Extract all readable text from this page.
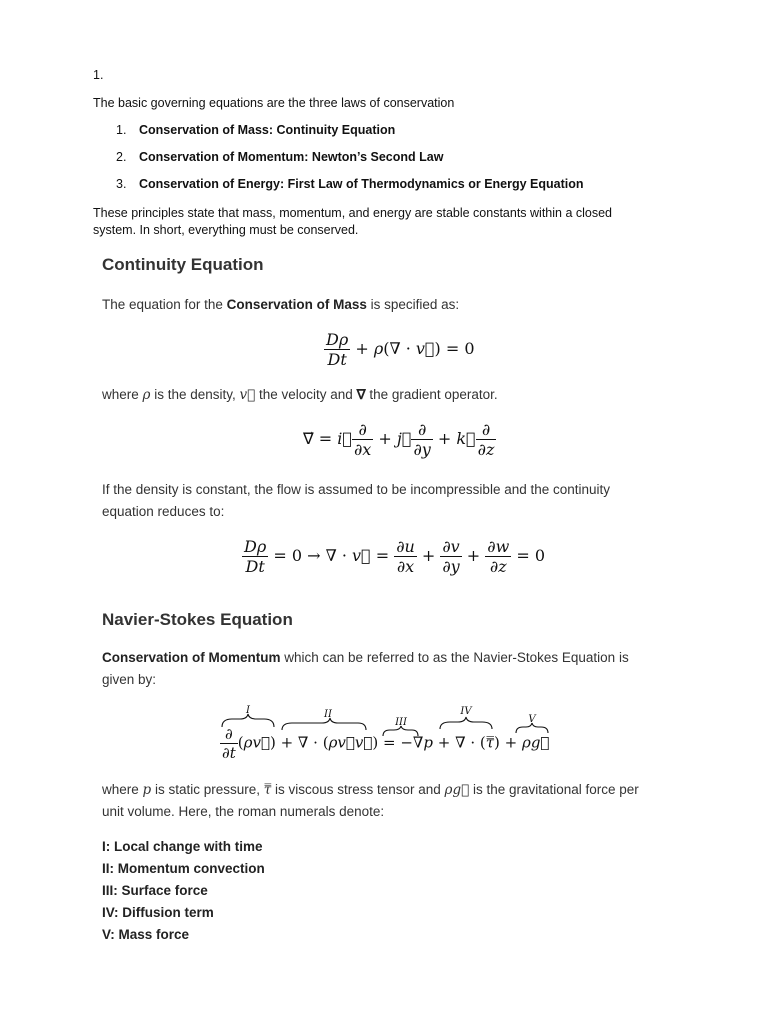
1.
The basic governing equations are the three laws of conservation
1. Conservation of Mass: Continuity Equation
2. Conservation of Momentum: Newton’s Second Law
3. Conservation of Energy: First Law of Thermodynamics or Energy Equation
These principles state that mass, momentum, and energy are stable constants within a closed
system. In short, everything must be conserved.
Continuity Equation
The equation for the Conservation of Mass is specified as:
$\frac{D\rho}{Dt} + \rho(\nabla$ · v⃗) = 0
where ρ is the density, v⃗ the velocity and ∇ the gradient operator.
∇⃗ = i⃗ $\frac{\partial}{\partial x}$ + j⃗ $\frac{\partial}{\partial y}$ + k⃗ $\frac{\partial}{\partial z}$
If the density is constant, the flow is assumed to be incompressible and the continuity
equation reduces to:
$\frac{D\rho}{Dt} = 0$ → ∇ · v⃗ = $\frac{\partial u}{\partial x} + \frac{\partial v}{\partial y} + \frac{\partial w}{\partial z} = 0$
Navier-Stokes Equation
Conservation of Momentum which can be referred to as the Navier-Stokes Equation is
given by:
I	II
III
IV
V
$\frac{\partial}{\partial t}$ (ρv⃗) + ∇ · (ρv⃗v⃗) = −∇p + ∇ · (τ̿) + ρg⃗
where p is static pressure, τ̿ is viscous stress tensor and ρg⃗ is the gravitational force per
unit volume. Here, the roman numerals denote:
I: Local change with time
II: Momentum convection
III: Surface force
IV: Diffusion term
V: Mass force
